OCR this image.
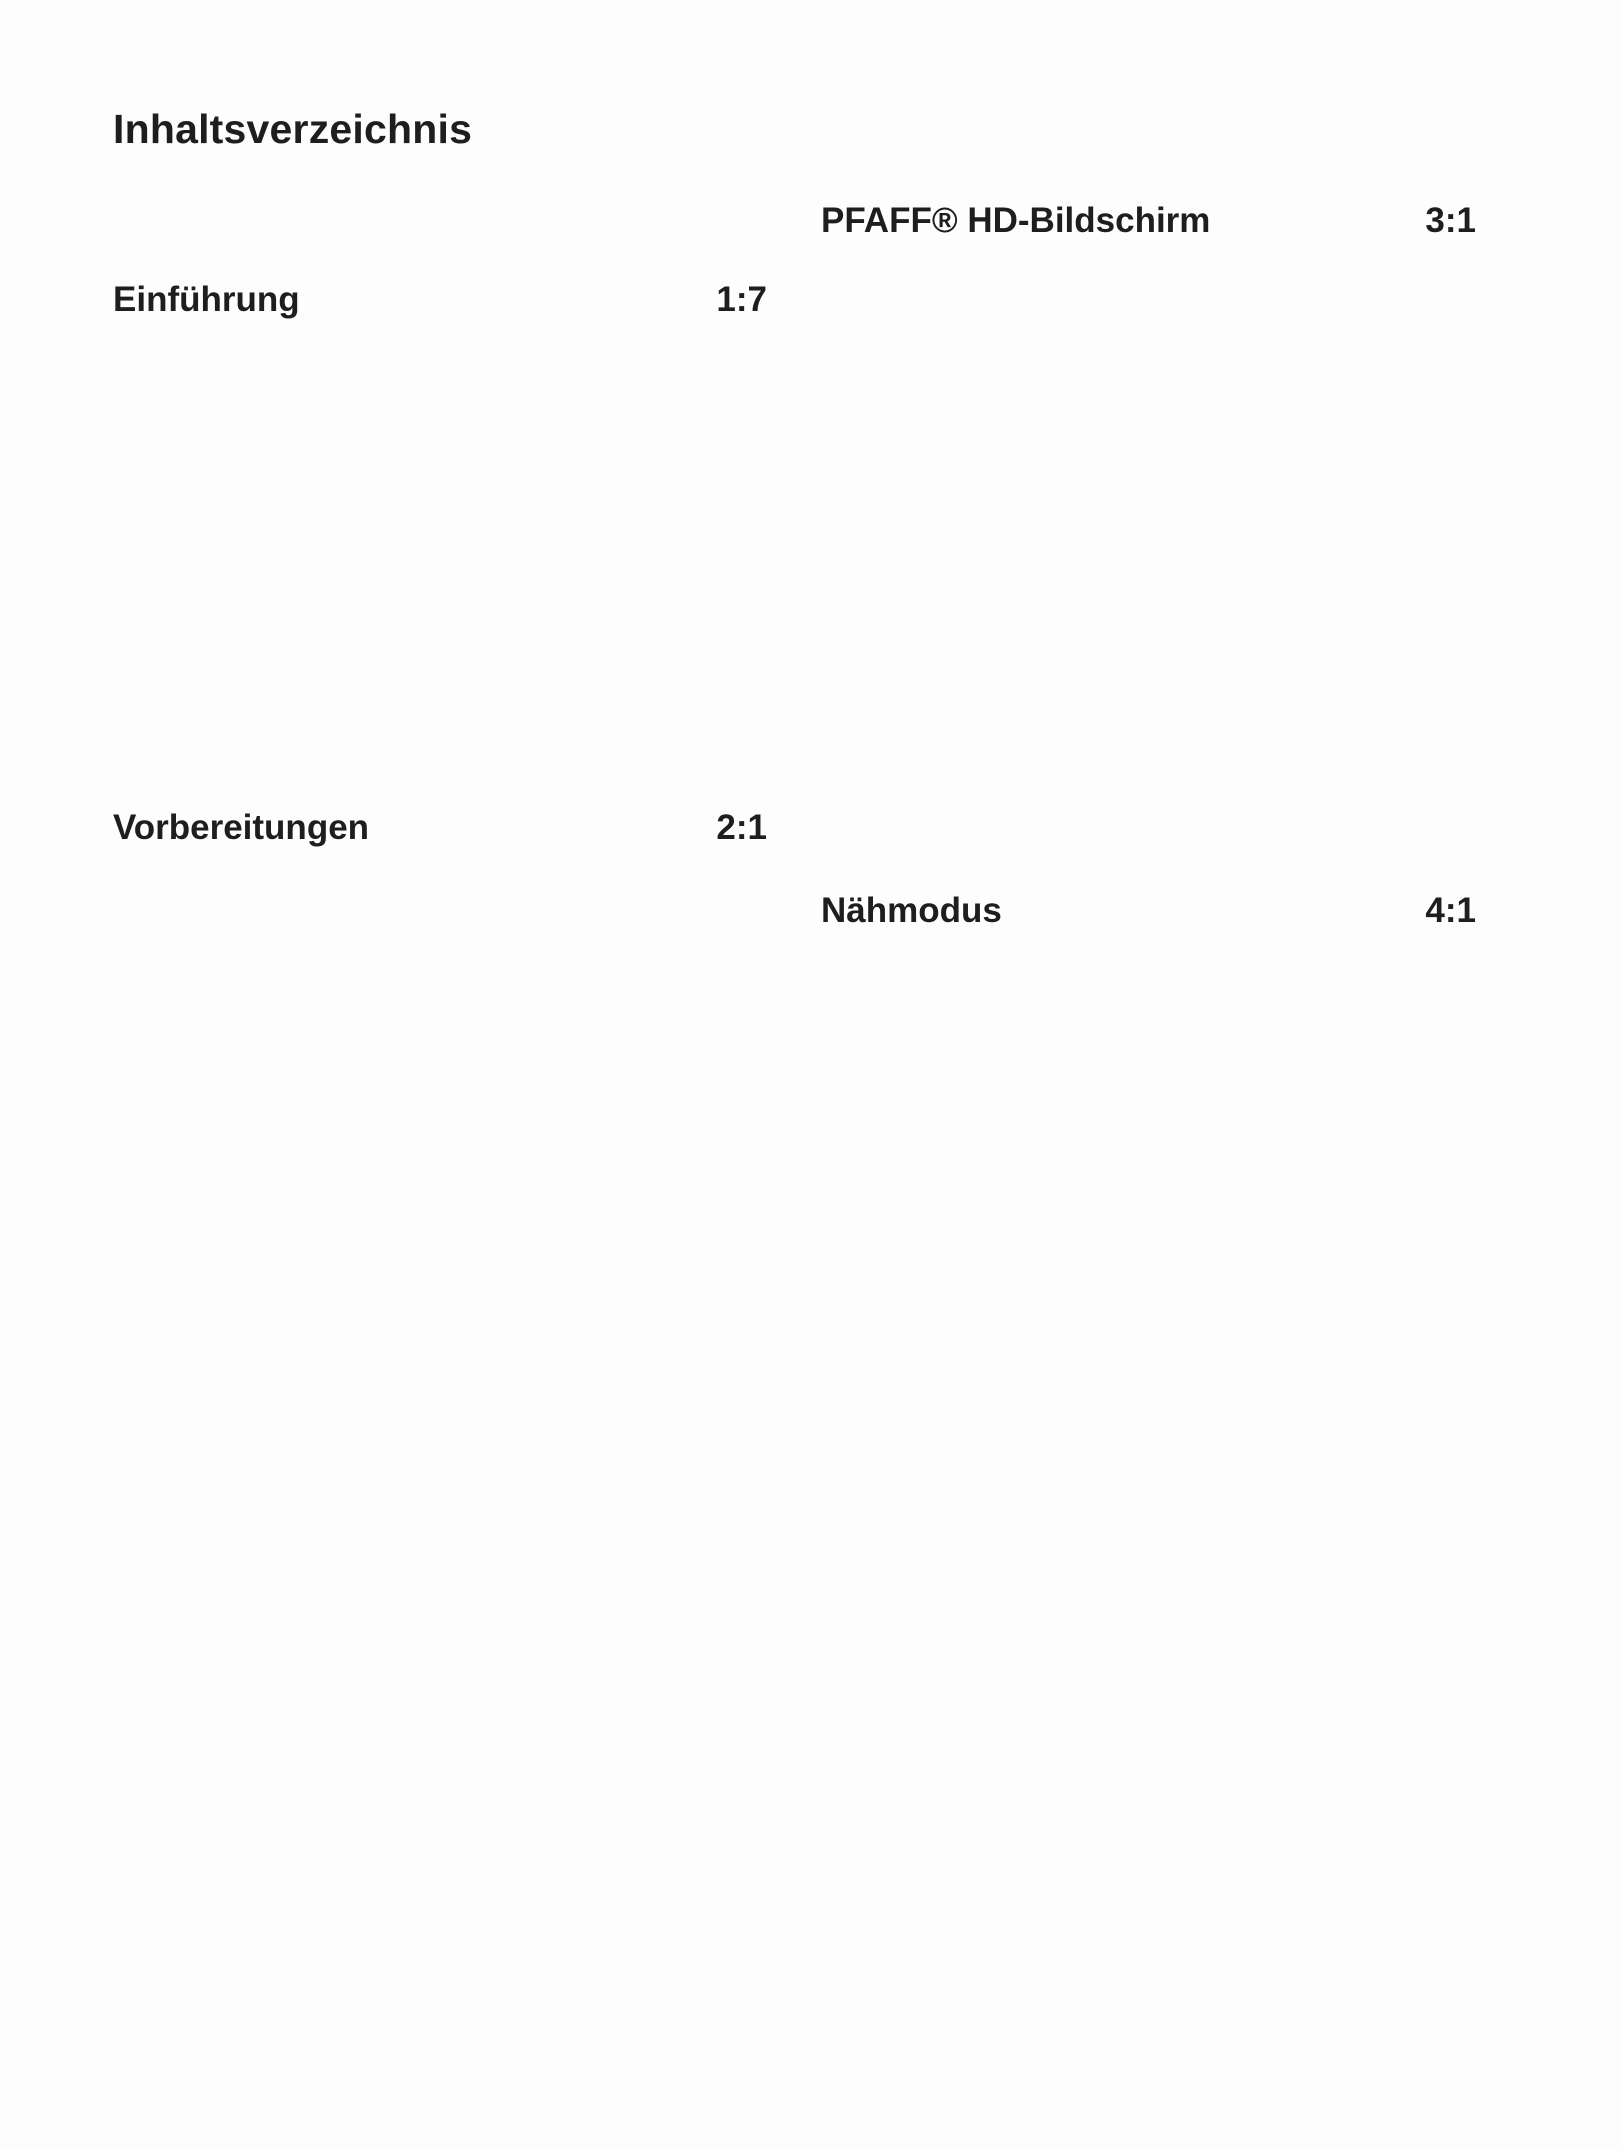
Inhaltsverzeichnis
PFAFF® HD-Bildschirm	3:1
Einführung	1:7
Vorbereitungen	2:1
Nähmodus	4:1
